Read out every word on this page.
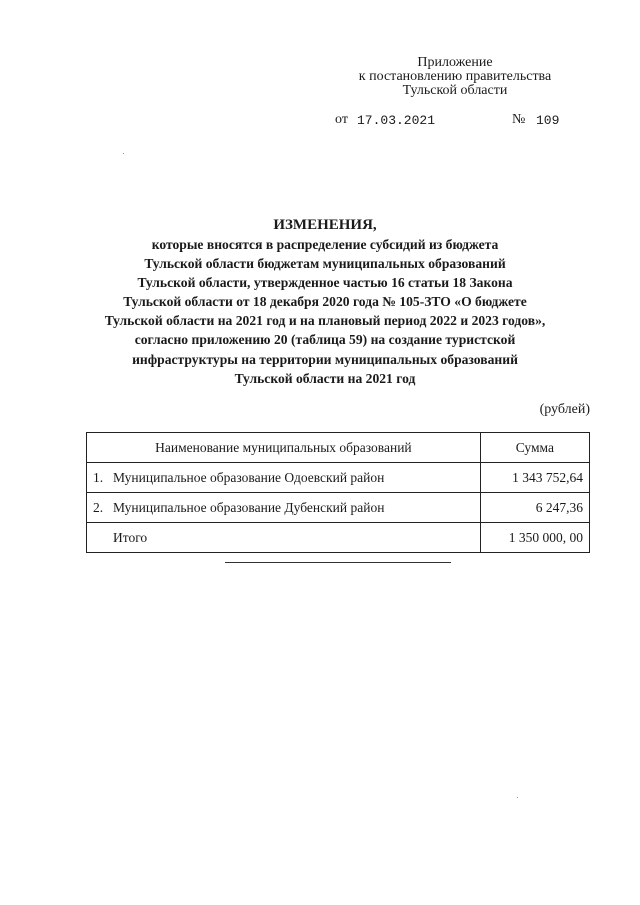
Приложение
к постановлению правительства
Тульской области
от 17.03.2021	№ 109
ИЗМЕНЕНИЯ,
которые вносятся в распределение субсидий из бюджета
Тульской области бюджетам муниципальных образований
Тульской области, утвержденное частью 16 статьи 18 Закона
Тульской области от 18 декабря 2020 года № 105-ЗТО «О бюджете
Тульской области на 2021 год и на плановый период 2022 и 2023 годов»,
согласно приложению 20 (таблица 59) на создание туристской
инфраструктуры на территории муниципальных образований
Тульской области на 2021 год
(рублей)
Наименование муниципальных образований	Сумма
1. Муниципальное образование Одоевский район	1 343 752,64
2. Муниципальное образование Дубенский район	6 247,36
Итого	1 350 000, 00
